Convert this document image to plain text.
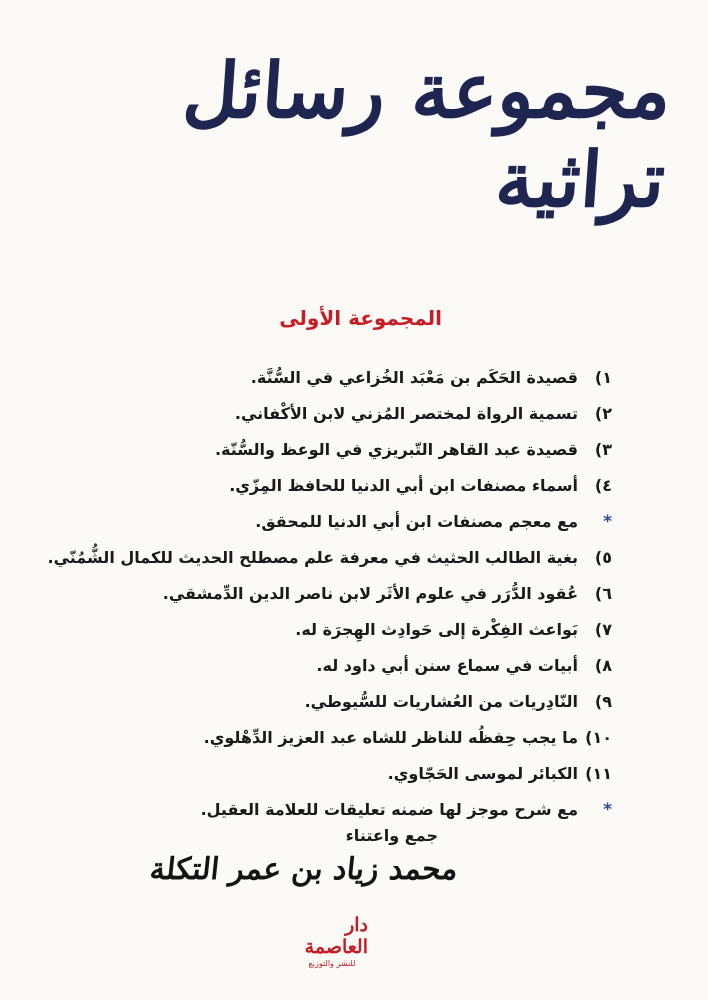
مجموعة رسائل تراثية
المجموعة الأولى
١)
قصيدة الحَكَم بن مَعْبَد الخُزاعي في السُّنَّة.
٢)
تسمية الرواة لمختصر المُزني لابن الأكْفاني.
٣)
قصيدة عبد القاهر التّبريزي في الوعظ والسُّنّة.
٤)
أسماء مصنفات ابن أبي الدنيا للحافظ المِزّي.
*
مع معجم مصنفات ابن أبي الدنيا للمحقق.
٥)
بغية الطالب الحثيث في معرفة علم مصطلح الحديث للكمال الشُّمُنّي.
٦)
عُقود الدُّرَر في علوم الأثَر لابن ناصر الدين الدِّمشقي.
٧)
بَواعث الفِكْرة إلى حَوادِث الهِجرَة له.
٨)
أبيات في سماع سنن أبي داود له.
٩)
النّادِريات من العُشاريات للسُّيوطي.
١٠)
ما يجب حِفظُه للناظر للشاه عبد العزيز الدِّهْلوي.
١١)
الكبائر لموسى الحَجّاوي.
*
مع شرح موجز لها ضمنه تعليقات للعلامة العقيل.
جمع واعتناء
محمد زياد بن عمر التكلة
دار العاصمة
للنشر والتوزيع
